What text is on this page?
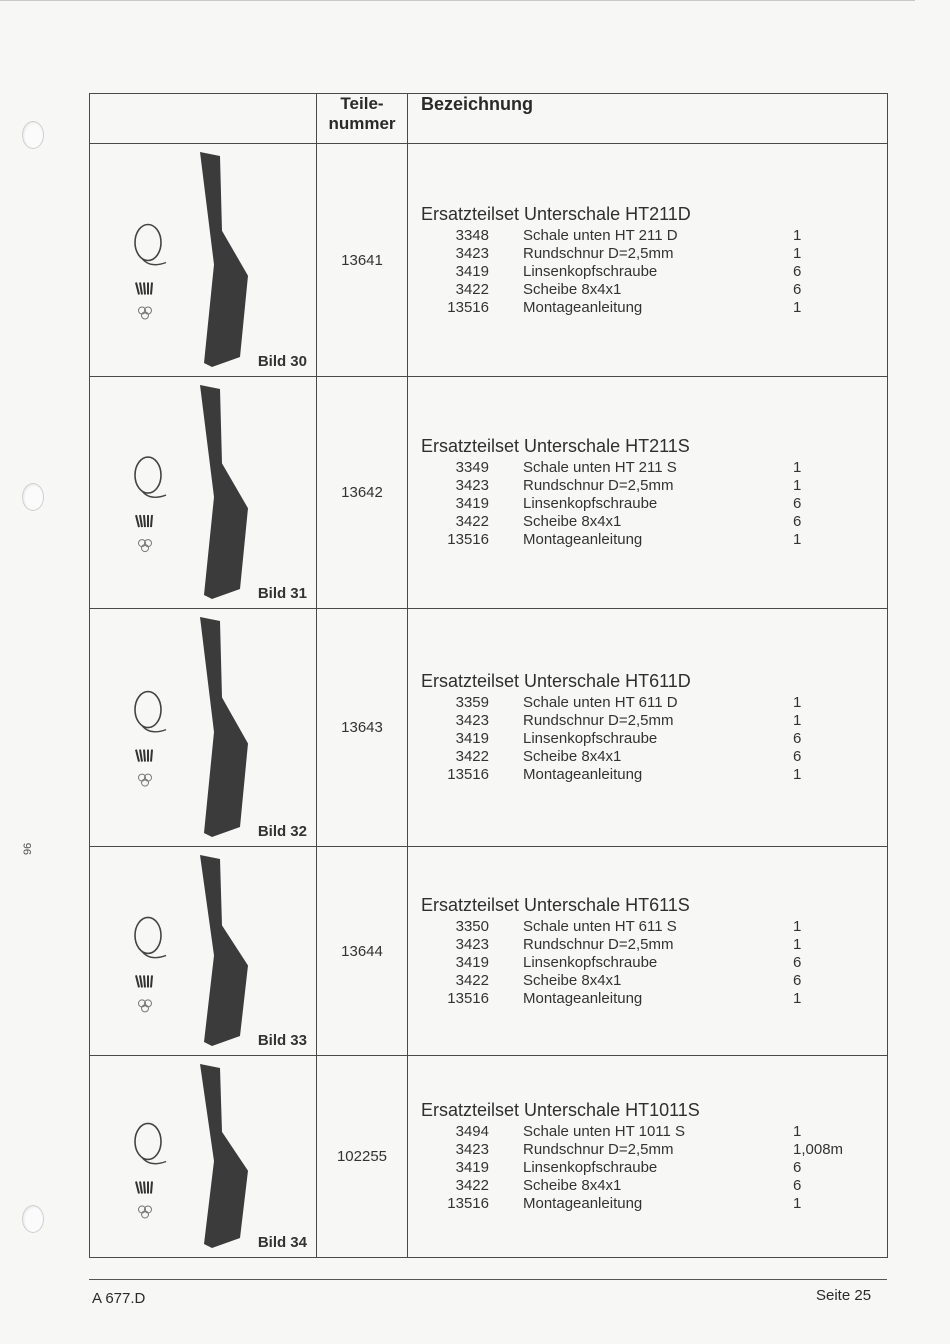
96
	Teile-
nummer	Bezeichnung

Bild 30
	13641	
Ersatzteilset Unterschale HT211D
3348	Schale unten HT 211 D	1
3423	Rundschnur D=2,5mm	1
3419	Linsenkopfschraube	6
3422	Scheibe 8x4x1	6
13516	Montageanleitung	1

Bild 31
	13642	
Ersatzteilset Unterschale HT211S
3349	Schale unten HT 211 S	1
3423	Rundschnur D=2,5mm	1
3419	Linsenkopfschraube	6
3422	Scheibe 8x4x1	6
13516	Montageanleitung	1

Bild 32
	13643	
Ersatzteilset Unterschale HT611D
3359	Schale unten HT 611 D	1
3423	Rundschnur D=2,5mm	1
3419	Linsenkopfschraube	6
3422	Scheibe 8x4x1	6
13516	Montageanleitung	1

Bild 33
	13644	
Ersatzteilset Unterschale HT611S
3350	Schale unten HT 611 S	1
3423	Rundschnur D=2,5mm	1
3419	Linsenkopfschraube	6
3422	Scheibe 8x4x1	6
13516	Montageanleitung	1

Bild 34
	102255	
Ersatzteilset Unterschale HT1011S
3494	Schale unten HT 1011 S	1
3423	Rundschnur D=2,5mm	1,008m
3419	Linsenkopfschraube	6
3422	Scheibe 8x4x1	6
13516	Montageanleitung	1
A 677.D	Seite 25
